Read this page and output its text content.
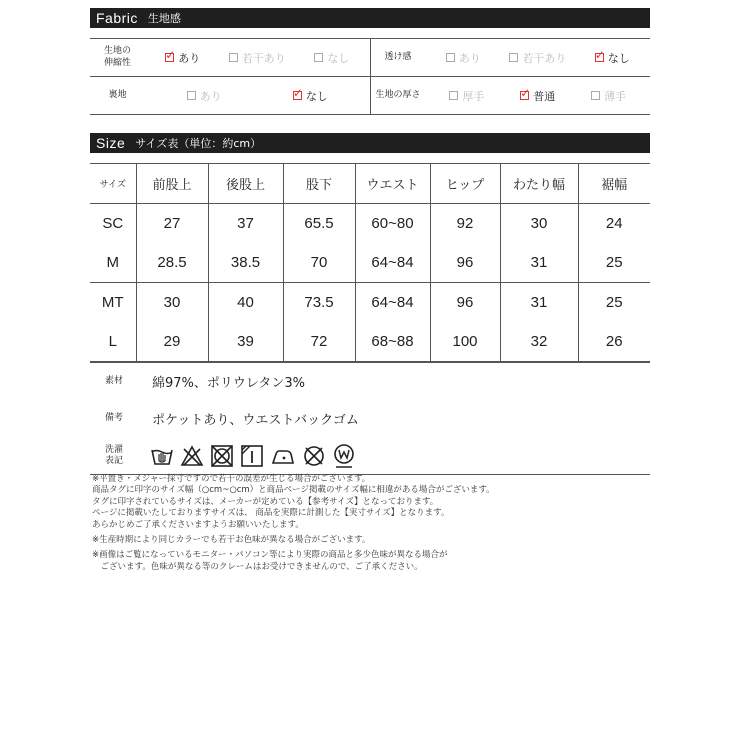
Fabric 生地感
生地の
伸縮性 ✓	あり	若干あり	なし	透け感	あり	若干あり ✓	なし
裏地	あり ✓	なし	生地の厚さ	厚手 ✓	普通	薄手
Size サイズ表（単位：約cm）
サイズ	前股上	後股上	股下	ウエスト	ヒップ	わたり幅	裾幅
SC	27	37	65.5	60~80	92	30	24
M	28.5	38.5	70	64~84	96	31	25
MT	30	40	73.5	64~84	96	31	25
L	29	39	72	68~88	100	32	26
素材	綿97%、ポリウレタン3%
備考	ポケットあり、ウエストバックゴム
洗濯
表記

※平置き・メジャー採寸ですので若干の誤差が生じる場合がございます。
商品タグに印字のサイズ幅（○cm~○cm）と商品ページ掲載のサイズ幅に相違がある場合がございます。
タグに印字されているサイズは、メーカーが定めている【参考サイズ】となっております。
ページに掲載いたしておりますサイズは、 商品を実際に計測した【実寸サイズ】となります。
あらかじめご了承くださいますようお願いいたします。

※生産時期により同じカラーでも若干お色味が異なる場合がございます。

※画像はご覧になっているモニター・パソコン等により実際の商品と多少色味が異なる場合が
　ございます。色味が異なる等のクレームはお受けできませんので、ご了承ください。
